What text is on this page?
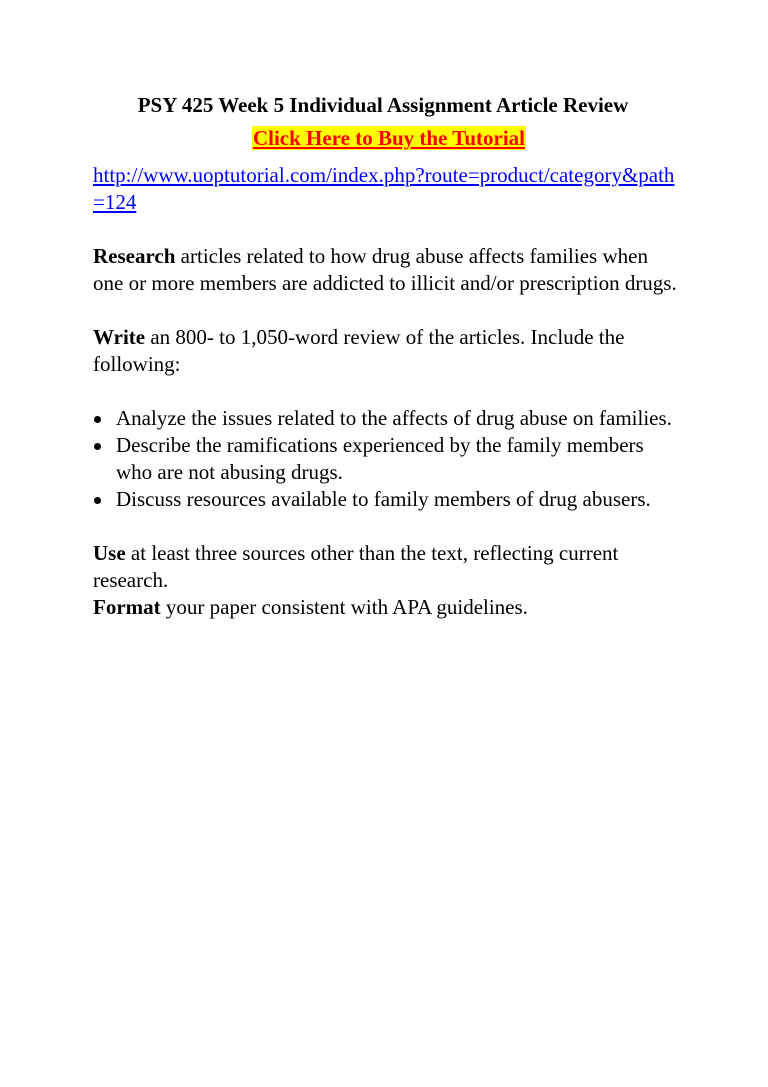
PSY 425 Week 5 Individual Assignment Article Review

Click Here to Buy the Tutorial
http://www.uoptutorial.com/index.php?route=product/category&path=124

Research articles related to how drug abuse affects families when one or more members are addicted to illicit and/or prescription drugs.

Write an 800- to 1,050-word review of the articles. Include the following:

Analyze the issues related to the affects of drug abuse on families.
Describe the ramifications experienced by the family members who are not abusing drugs.
Discuss resources available to family members of drug abusers.

Use at least three sources other than the text, reflecting current research.

Format your paper consistent with APA guidelines.
